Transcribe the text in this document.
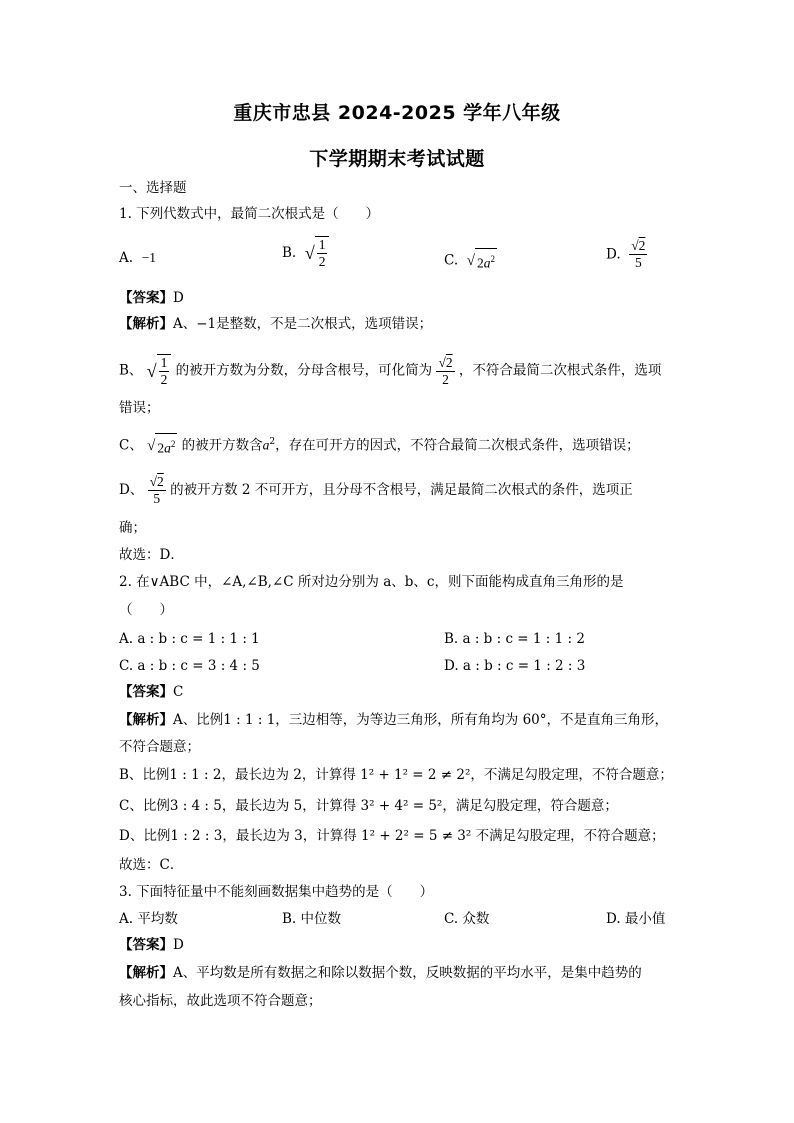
重庆市忠县 2024-2025 学年八年级
下学期期末考试试题
一、选择题
1. 下列代数式中，最简二次根式是（　　）
A. −1	B. √ $\frac{1}{2}$	C. √ $2a^2$	D. $\frac{√2}{5}$
【答案】D
【解析】A、−1是整数，不是二次根式，选项错误；
B、 √ $\frac{1}{2}$ 的被开方数为分数，分母含根号，可化简为 $\frac{√2}{2}$ ，不符合最简二次根式条件，选项
错误；
C、 √ $2a^2$ 的被开方数含$a^2$，存在可开方的因式，不符合最简二次根式条件，选项错误；
D、 $\frac{√2}{5}$ 的被开方数 2 不可开方，且分母不含根号，满足最简二次根式的条件，选项正
确；
故选：D．
2. 在∨ABC 中，∠A,∠B,∠C 所对边分别为 a、b、c，则下面能构成直角三角形的是
（　　）
A. a : b : c = 1 : 1 : 1	B. a : b : c = 1 : 1 : 2
C. a : b : c = 3 : 4 : 5	D. a : b : c = 1 : 2 : 3
【答案】C
【解析】A、比例1 : 1 : 1，三边相等，为等边三角形，所有角均为 60°，不是直角三角形，
不符合题意；
B、比例1 : 1 : 2，最长边为 2，计算得 1² + 1² = 2 ≠ 2²，不满足勾股定理，不符合题意；
C、比例3 : 4 : 5，最长边为 5，计算得 3² + 4² = 5²，满足勾股定理，符合题意；
D、比例1 : 2 : 3，最长边为 3，计算得 1² + 2² = 5 ≠ 3² 不满足勾股定理，不符合题意；
故选：C．
3. 下面特征量中不能刻画数据集中趋势的是（　　）
A. 平均数	B. 中位数	C. 众数	D. 最小值
【答案】D
【解析】A、平均数是所有数据之和除以数据个数，反映数据的平均水平，是集中趋势的
核心指标，故此选项不符合题意；
